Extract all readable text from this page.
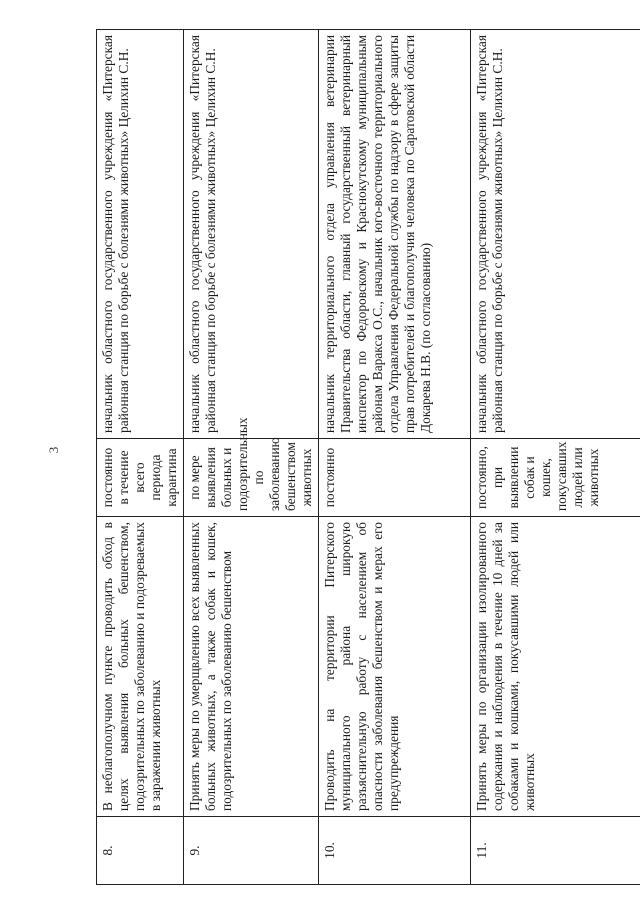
3
8.	В неблагополучном пункте проводить обход в целях выявления больных бешенством, подозрительных по заболеванию и подозреваемых в заражении животных	постоянно в течение всего периода карантина	начальник областного государственного учреждения «Питерская районная станция по борьбе с болезнями животных» Целихин С.Н.
9.	Принять меры по умерщвлению всех выявленных больных животных, а также собак и кошек, подозрительных по заболеванию бешенством	по мере выявления больных и подозрительных по заболеванию бешенством животных	начальник областного государственного учреждения «Питерская районная станция по борьбе с болезнями животных» Целихин С.Н.
10.	Проводить на территории Питерского муниципального района широкую разъяснительную работу с населением об опасности заболевания бешенством и мерах его предупреждения	постоянно	начальник территориального отдела управления ветеринарии Правительства области, главный государственный ветеринарный инспектор по Федоровскому и Краснокутскому муниципальным районам Варакса О.С., начальник юго-восточного территориального отдела Управления Федеральной службы по надзору в сфере защиты прав потребителей и благополучия человека по Саратовской области Докарева Н.В. (по согласованию)
11.	Принять меры по организации изолированного содержания и наблюдения в течение 10 дней за собаками и кошками, покусавшими людей или животных	постоянно, при выявлении собак и кошек, покусавших людей или животных	начальник областного государственного учреждения «Питерская районная станция по борьбе с болезнями животных» Целихин С.Н.
